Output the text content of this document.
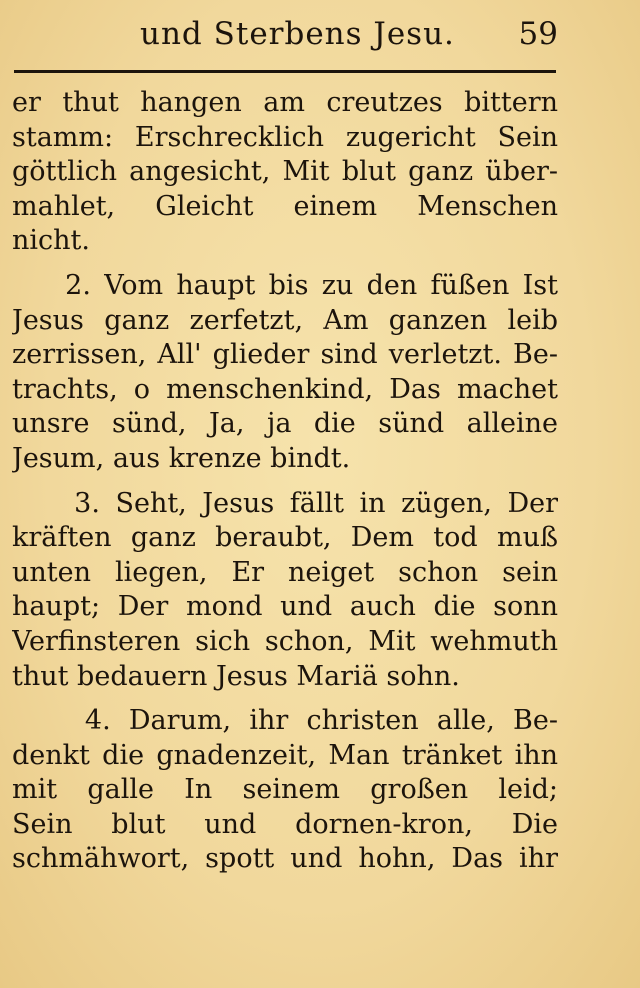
und Sterbens Jesu. 59
er thut hangen am creutzes bittern
stamm: Erschrecklich zugericht Sein
göttlich angesicht, Mit blut ganz über-
mahlet, Gleicht einem Menschen
nicht.
2. Vom haupt bis zu den füßen Ist
Jesus ganz zerfetzt, Am ganzen leib
zerrissen, All' glieder sind verletzt. Be-
trachts, o menschenkind, Das machet
unsre sünd, Ja, ja die sünd alleine
Jesum, aus krenze bindt.
3. Seht, Jesus fällt in zügen, Der
kräften ganz beraubt, Dem tod muß
unten liegen, Er neiget schon sein
haupt; Der mond und auch die sonn
Verfinsteren sich schon, Mit wehmuth
thut bedauern Jesus Mariä sohn.
4. Darum, ihr christen alle, Be-
denkt die gnadenzeit, Man tränket ihn
mit galle In seinem großen leid;
Sein blut und dornen-kron, Die
schmähwort, spott und hohn, Das ihr
